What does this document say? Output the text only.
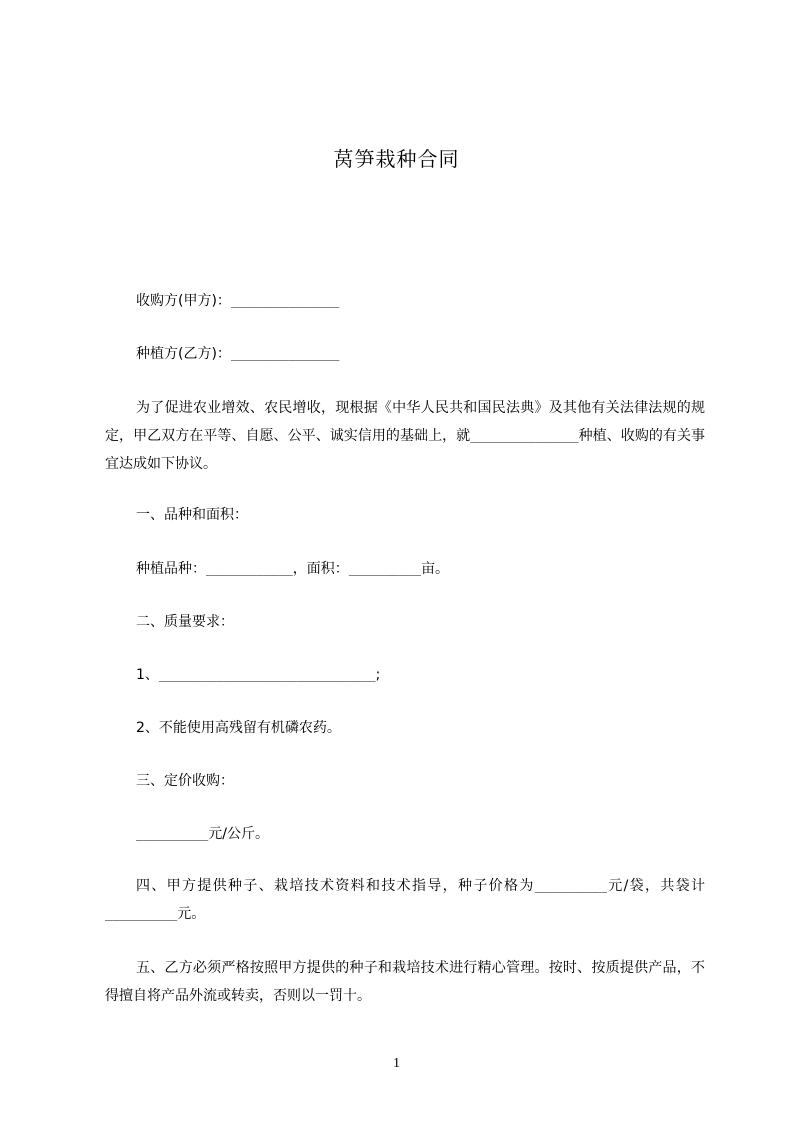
莴笋栽种合同
收购方(甲方)：_______________
种植方(乙方)：_______________
为了促进农业增效、农民增收，现根据《中华人民共和国民法典》及其他有关法律法规的规定，甲乙双方在平等、自愿、公平、诚实信用的基础上，就_______________种植、收购的有关事宜达成如下协议。
一、品种和面积：
种植品种：____________，面积：__________亩。
二、质量要求：
1、______________________________;
2、不能使用高残留有机磷农药。
三、定价收购：
__________元/公斤。
四、甲方提供种子、栽培技术资料和技术指导，种子价格为__________元/袋，共袋计__________元。
五、乙方必须严格按照甲方提供的种子和栽培技术进行精心管理。按时、按质提供产品，不得擅自将产品外流或转卖，否则以一罚十。
1
